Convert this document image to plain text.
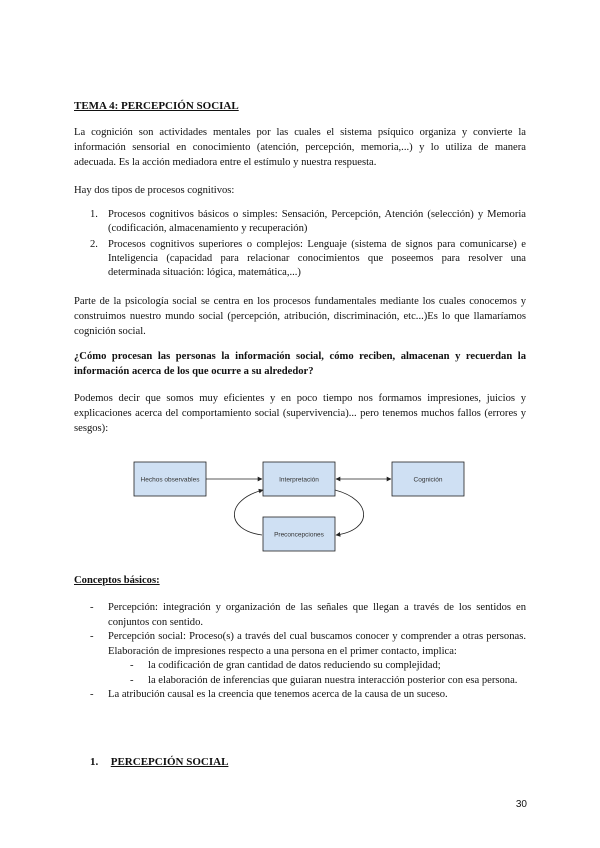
TEMA 4: PERCEPCIÓN SOCIAL
La cognición son actividades mentales por las cuales el sistema psíquico organiza y convierte la información sensorial en conocimiento (atención, percepción, memoria,...) y lo utiliza de manera adecuada. Es la acción mediadora entre el estímulo y nuestra respuesta.
Hay dos tipos de procesos cognitivos:
1. Procesos cognitivos básicos o simples: Sensación, Percepción, Atención (selección) y Memoria (codificación, almacenamiento y recuperación)
2. Procesos cognitivos superiores o complejos: Lenguaje (sistema de signos para comunicarse) e Inteligencia (capacidad para relacionar conocimientos que poseemos para resolver una determinada situación: lógica, matemática,...)
Parte de la psicología social se centra en los procesos fundamentales mediante los cuales conocemos y construimos nuestro mundo social (percepción, atribución, discriminación, etc...)Es lo que llamaríamos cognición social.
¿Cómo procesan las personas la información social, cómo reciben, almacenan y recuerdan la información acerca de los que ocurre a su alrededor?
Podemos decir que somos muy eficientes y en poco tiempo nos formamos impresiones, juicios y explicaciones acerca del comportamiento social (supervivencia)... pero tenemos muchos fallos (errores y sesgos):
Hechos observables	Interpretación	Cognición
Preconcepciones
Conceptos básicos:
- Percepción: integración y organización de las señales que llegan a través de los sentidos en conjuntos con sentido.
- Percepción social: Proceso(s) a través del cual buscamos conocer y comprender a otras personas. Elaboración de impresiones respecto a una persona en el primer contacto, implica:
- la codificación de gran cantidad de datos reduciendo su complejidad;
- la elaboración de inferencias que guiaran nuestra interacción posterior con esa persona.
- La atribución causal es la creencia que tenemos acerca de la causa de un suceso.
1. PERCEPCIÓN SOCIAL
30
